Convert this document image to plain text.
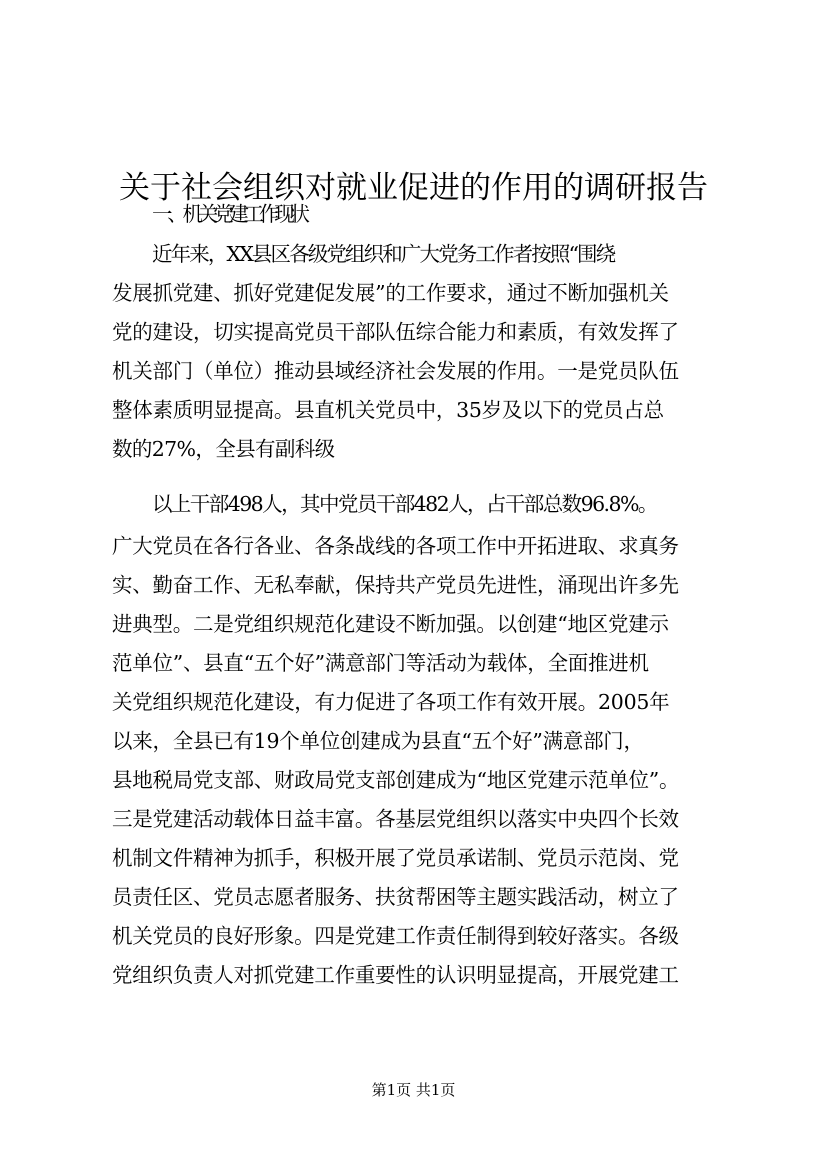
关于社会组织对就业促进的作用的调研报告
一、机关党建工作现状
近年来，XX县区各级党组织和广大党务工作者按照“围绕
发展抓党建、抓好党建促发展”的工作要求，通过不断加强机关
党的建设，切实提高党员干部队伍综合能力和素质，有效发挥了
机关部门（单位）推动县域经济社会发展的作用。一是党员队伍
整体素质明显提高。县直机关党员中，35岁及以下的党员占总
数的27%，全县有副科级
以上干部498人，其中党员干部482人，占干部总数96.8%。
广大党员在各行各业、各条战线的各项工作中开拓进取、求真务
实、勤奋工作、无私奉献，保持共产党员先进性，涌现出许多先
进典型。二是党组织规范化建设不断加强。以创建“地区党建示
范单位”、县直“五个好”满意部门等活动为载体，全面推进机
关党组织规范化建设，有力促进了各项工作有效开展。2005年
以来，全县已有19个单位创建成为县直“五个好”满意部门，
县地税局党支部、财政局党支部创建成为“地区党建示范单位”。
三是党建活动载体日益丰富。各基层党组织以落实中央四个长效
机制文件精神为抓手，积极开展了党员承诺制、党员示范岗、党
员责任区、党员志愿者服务、扶贫帮困等主题实践活动，树立了
机关党员的良好形象。四是党建工作责任制得到较好落实。各级
党组织负责人对抓党建工作重要性的认识明显提高，开展党建工
第1页 共1页
